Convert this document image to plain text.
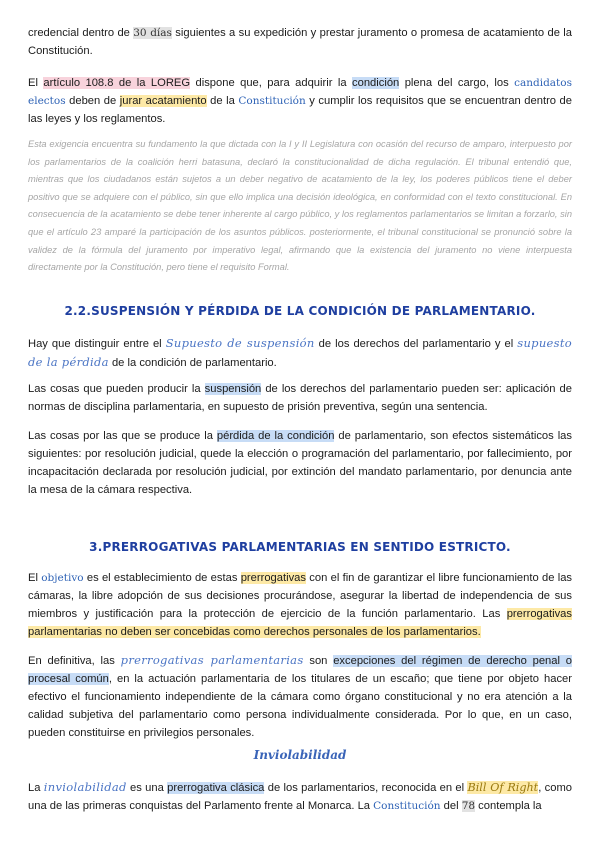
credencial dentro de 30 días siguientes a su expedición y prestar juramento o promesa de acatamiento de la Constitución.

El artículo 108.8 de la LOREG dispone que, para adquirir la condición plena del cargo, los candidatos electos deben de jurar acatamiento de la Constitución y cumplir los requisitos que se encuentran dentro de las leyes y los reglamentos.

Esta exigencia encuentra su fundamento la que dictada con la I y II Legislatura con ocasión del recurso de amparo, interpuesto por los parlamentarios de la coalición herri batasuna, declaró la constitucionalidad de dicha regulación. El tribunal entendió que, mientras que los ciudadanos están sujetos a un deber negativo de acatamiento de la ley, los poderes públicos tiene el deber positivo que se adquiere con el público, sin que ello implica una decisión ideológica, en conformidad con el texto constitucional. En consecuencia de la acatamiento se debe tener inherente al cargo público, y los reglamentos parlamentarios se limitan a forzarlo, sin que el artículo 23 amparé la participación de los asuntos públicos. posteriormente, el tribunal constitucional se pronunció sobre la validez de la fórmula del juramento por imperativo legal, afirmando que la existencia del juramento no viene interpuesta directamente por la Constitución, pero tiene el requisito Formal.

2.2.SUSPENSIÓN Y PÉRDIDA DE LA CONDICIÓN DE PARLAMENTARIO.

Hay que distinguir entre el Supuesto de suspensión de los derechos del parlamentario y el supuesto de la pérdida de la condición de parlamentario.

Las cosas que pueden producir la suspensión de los derechos del parlamentario pueden ser: aplicación de normas de disciplina parlamentaria, en supuesto de prisión preventiva, según una sentencia.

Las cosas por las que se produce la pérdida de la condición de parlamentario, son efectos sistemáticos las siguientes: por resolución judicial, quede la elección o programación del parlamentario, por fallecimiento, por incapacitación declarada por resolución judicial, por extinción del mandato parlamentario, por denuncia ante la mesa de la cámara respectiva.

3.PRERROGATIVAS PARLAMENTARIAS EN SENTIDO ESTRICTO.

El objetivo es el establecimiento de estas prerrogativas con el fin de garantizar el libre funcionamiento de las cámaras, la libre adopción de sus decisiones procurándose, asegurar la libertad de independencia de sus miembros y justificación para la protección de ejercicio de la función parlamentario. Las prerrogativas parlamentarias no deben ser concebidas como derechos personales de los parlamentarios.

En definitiva, las prerrogativas parlamentarias son excepciones del régimen de derecho penal o procesal común, en la actuación parlamentaria de los titulares de un escaño; que tiene por objeto hacer efectivo el funcionamiento independiente de la cámara como órgano constitucional y no era atención a la calidad subjetiva del parlamentario como persona individualmente considerada. Por lo que, en un caso, pueden constituirse en privilegios personales.

Inviolabilidad

La inviolabilidad es una prerrogativa clásica de los parlamentarios, reconocida en el Bill Of Right, como una de las primeras conquistas del Parlamento frente al Monarca. La Constitución del 78 contempla la
